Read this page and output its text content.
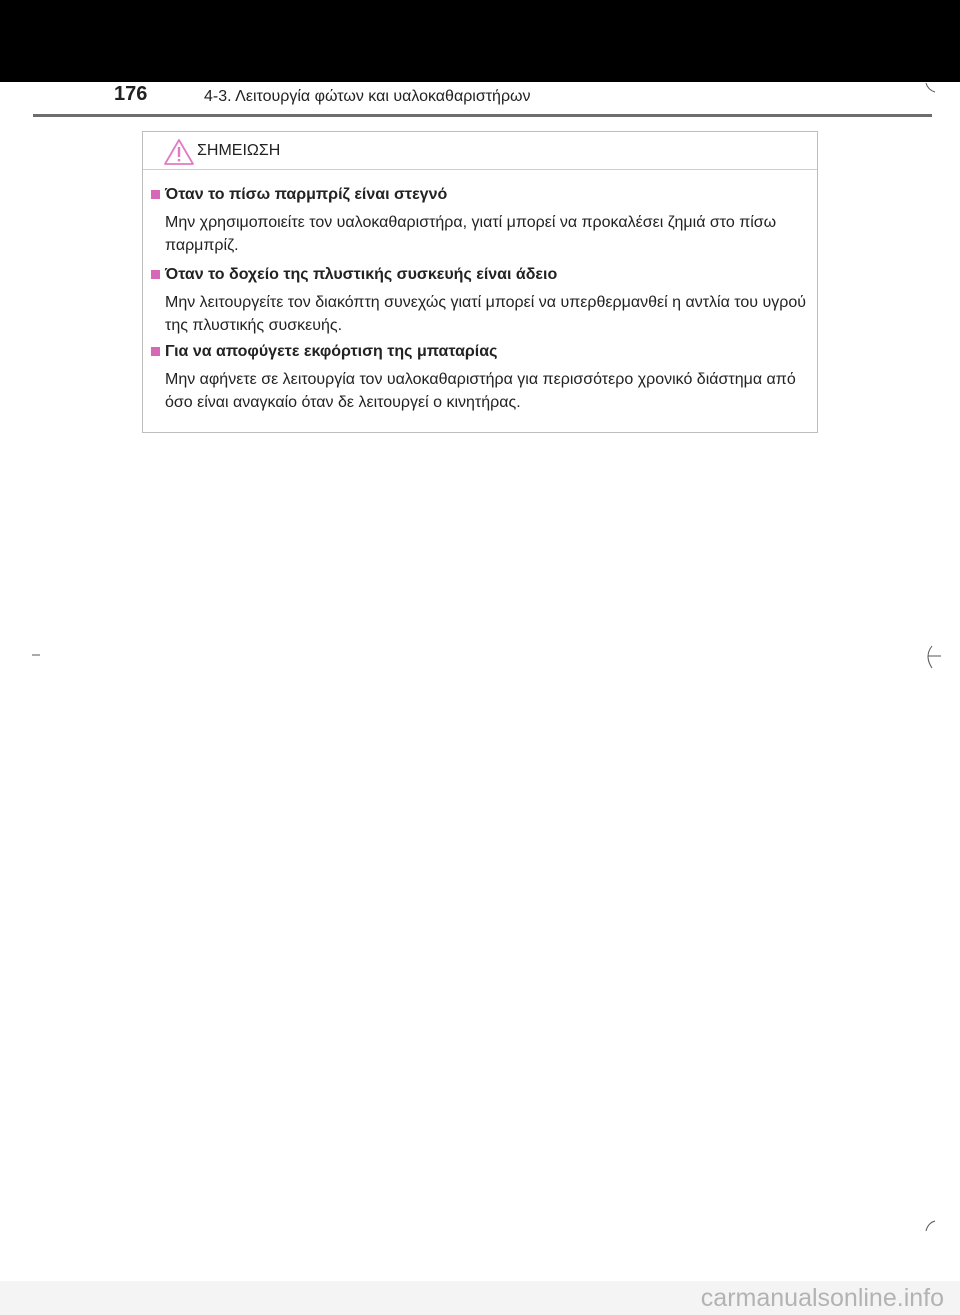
176	4-3. Λειτουργία φώτων και υαλοκαθαριστήρων
ΣΗΜΕΙΩΣΗ
Όταν το πίσω παρμπρίζ είναι στεγνό
Μην χρησιμοποιείτε τον υαλοκαθαριστήρα, γιατί μπορεί να προκαλέσει ζημιά στο πίσω παρμπρίζ.
Όταν το δοχείο της πλυστικής συσκευής είναι άδειο
Μην λειτουργείτε τον διακόπτη συνεχώς γιατί μπορεί να υπερθερμανθεί η αντλία του υγρού της πλυστικής συσκευής.
Για να αποφύγετε εκφόρτιση της μπαταρίας
Μην αφήνετε σε λειτουργία τον υαλοκαθαριστήρα για περισσότερο χρονικό διάστημα από όσο είναι αναγκαίο όταν δε λειτουργεί ο κινητήρας.
carmanualsonline.info
